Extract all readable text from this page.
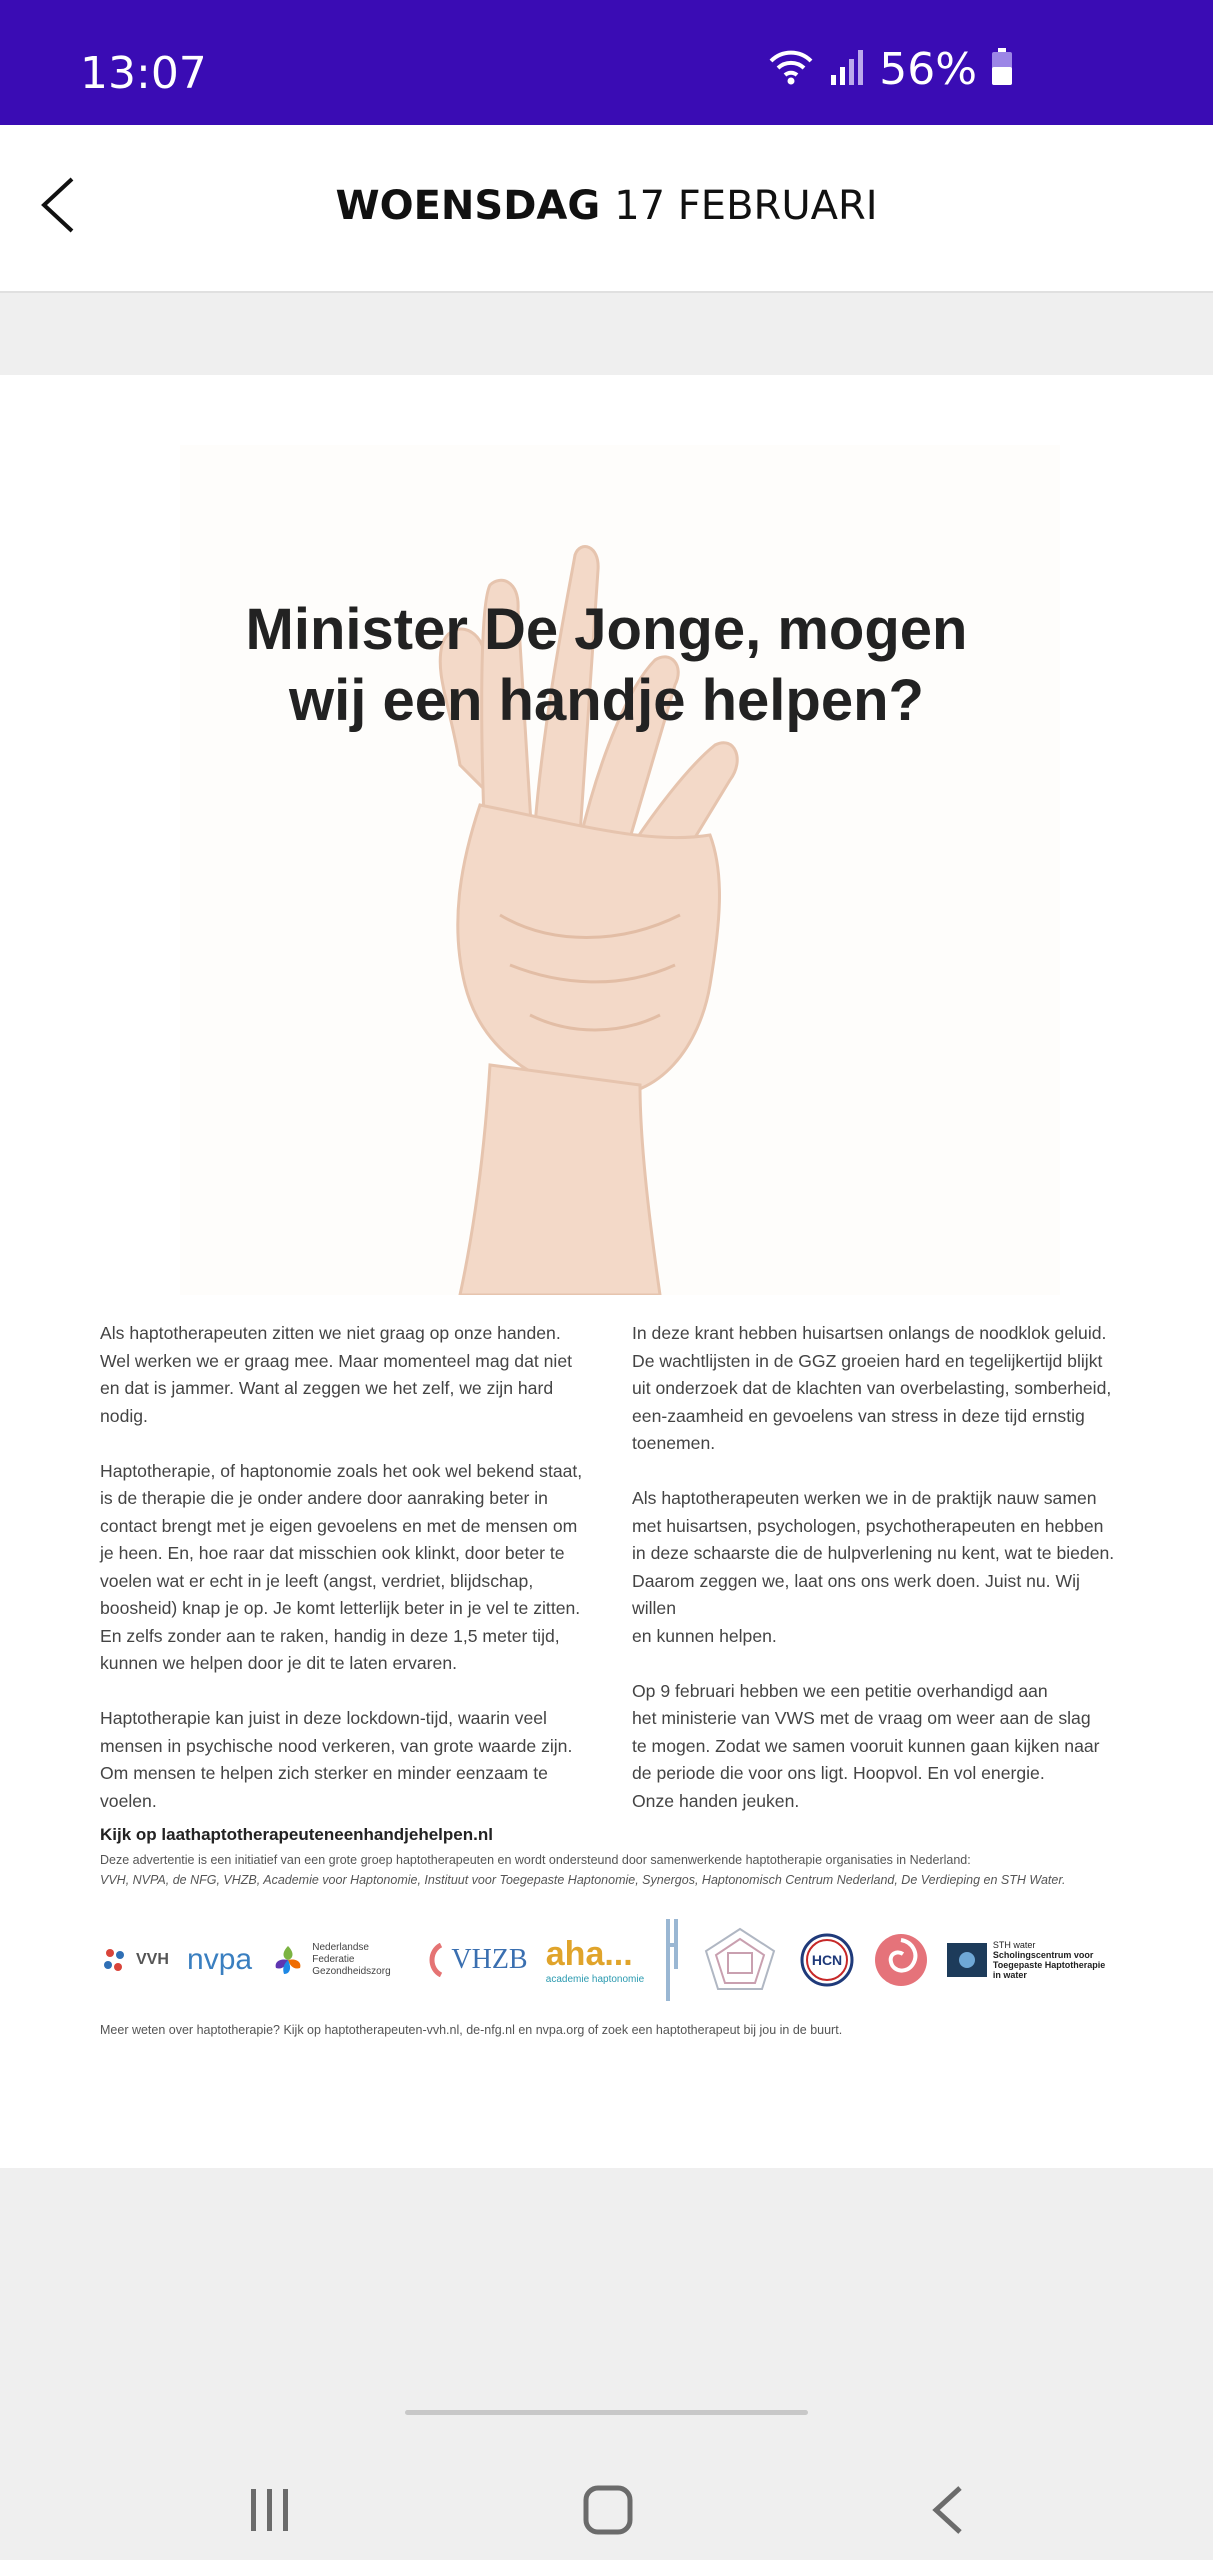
13:07	56%
WOENSDAG 17 FEBRUARI
Minister De Jonge, mogen
wij een handje helpen?

Als haptotherapeuten zitten we niet graag op onze handen. Wel werken we er graag mee. Maar momenteel mag dat niet en dat is jammer. Want al zeggen we het zelf, we zijn hard nodig.

Haptotherapie, of haptonomie zoals het ook wel bekend staat, is de therapie die je onder andere door aanraking beter in contact brengt met je eigen gevoelens en met de mensen om je heen. En, hoe raar dat misschien ook klinkt, door beter te voelen wat er echt in je leeft (angst, verdriet, blijdschap, boosheid) knap je op. Je komt letterlijk beter in je vel te zitten. En zelfs zonder aan te raken, handig in deze 1,5 meter tijd, kunnen we helpen door je dit te laten ervaren.

Haptotherapie kan juist in deze lockdown-tijd, waarin veel
mensen in psychische nood verkeren, van grote waarde zijn.
Om mensen te helpen zich sterker en minder eenzaam te voelen.

In deze krant hebben huisartsen onlangs de noodklok geluid. De wachtlijsten in de GGZ groeien hard en tegelijkertijd blijkt uit onderzoek dat de klachten van overbelasting, somberheid, een-zaamheid en gevoelens van stress in deze tijd ernstig toenemen.

Als haptotherapeuten werken we in de praktijk nauw samen met huisartsen, psychologen, psychotherapeuten en hebben in deze schaarste die de hulpverlening nu kent, wat te bieden. Daarom zeggen we, laat ons ons werk doen. Juist nu. Wij willen
en kunnen helpen.

Op 9 februari hebben we een petitie overhandigd aan
het ministerie van VWS met de vraag om weer aan de slag
te mogen. Zodat we samen vooruit kunnen gaan kijken naar
de periode die voor ons ligt. Hoopvol. En vol energie.
Onze handen jeuken.

Kijk op laathaptotherapeuteneenhandjehelpen.nl
Deze advertentie is een initiatief van een grote groep haptotherapeuten en wordt ondersteund door samenwerkende haptotherapie organisaties in Nederland:
VVH, NVPA, de NFG, VHZB, Academie voor Haptonomie, Instituut voor Toegepaste Haptonomie, Synergos, Haptonomisch Centrum Nederland, De Verdieping en STH Water.
VVH nvpa	Nederlandse Federatie Gezondheidszorg	VHZB aha...
academie haptonomie
HCN
STH water
Scholingscentrum voor Toegepaste Haptotherapie in water
Meer weten over haptotherapie? Kijk op haptotherapeuten-vvh.nl, de-nfg.nl en nvpa.org of zoek een haptotherapeut bij jou in de buurt.
